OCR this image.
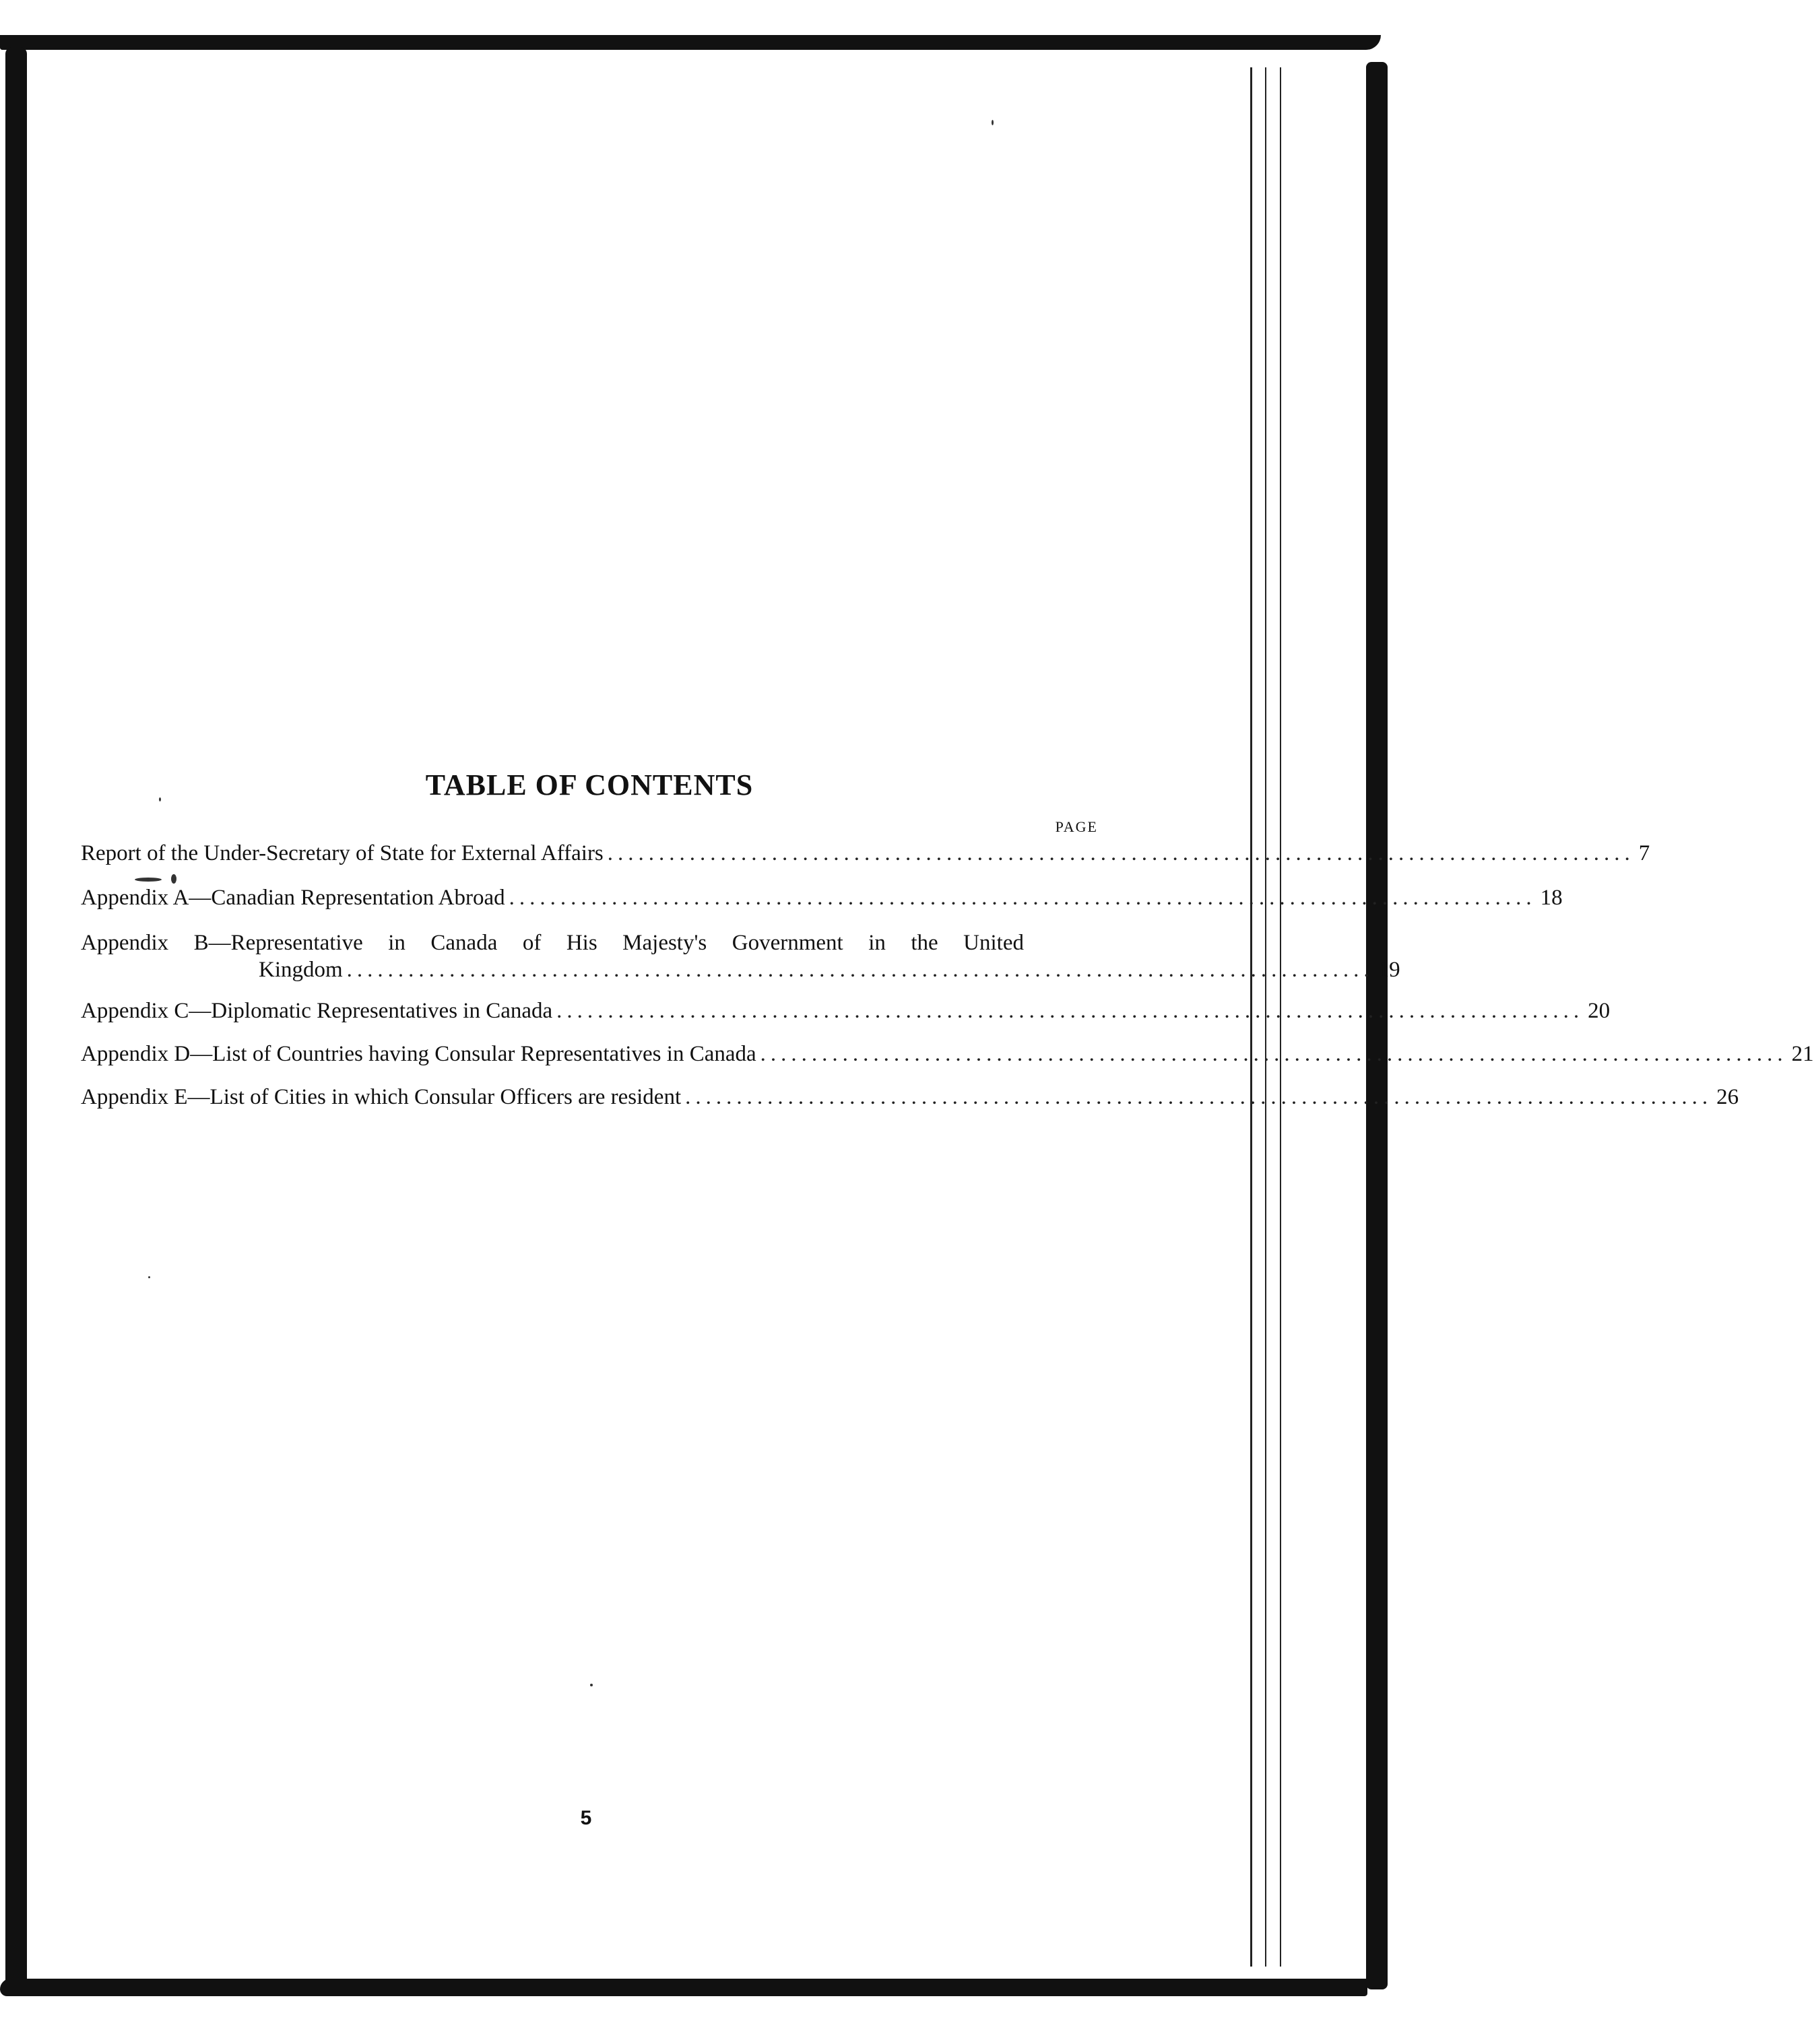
TABLE OF CONTENTS
PAGE
Report of the Under-Secretary of State for External Affairs .................................................................................................... 7
Appendix A—Canadian Representation Abroad .................................................................................................... 18
Appendix B—Representative in Canada of His Majesty's Government in the United
Kingdom .................................................................................................... 19
Appendix C—Diplomatic Representatives in Canada .................................................................................................... 20
Appendix D—List of Countries having Consular Representatives in Canada .................................................................................................... 21
Appendix E—List of Cities in which Consular Officers are resident .................................................................................................... 26
5
